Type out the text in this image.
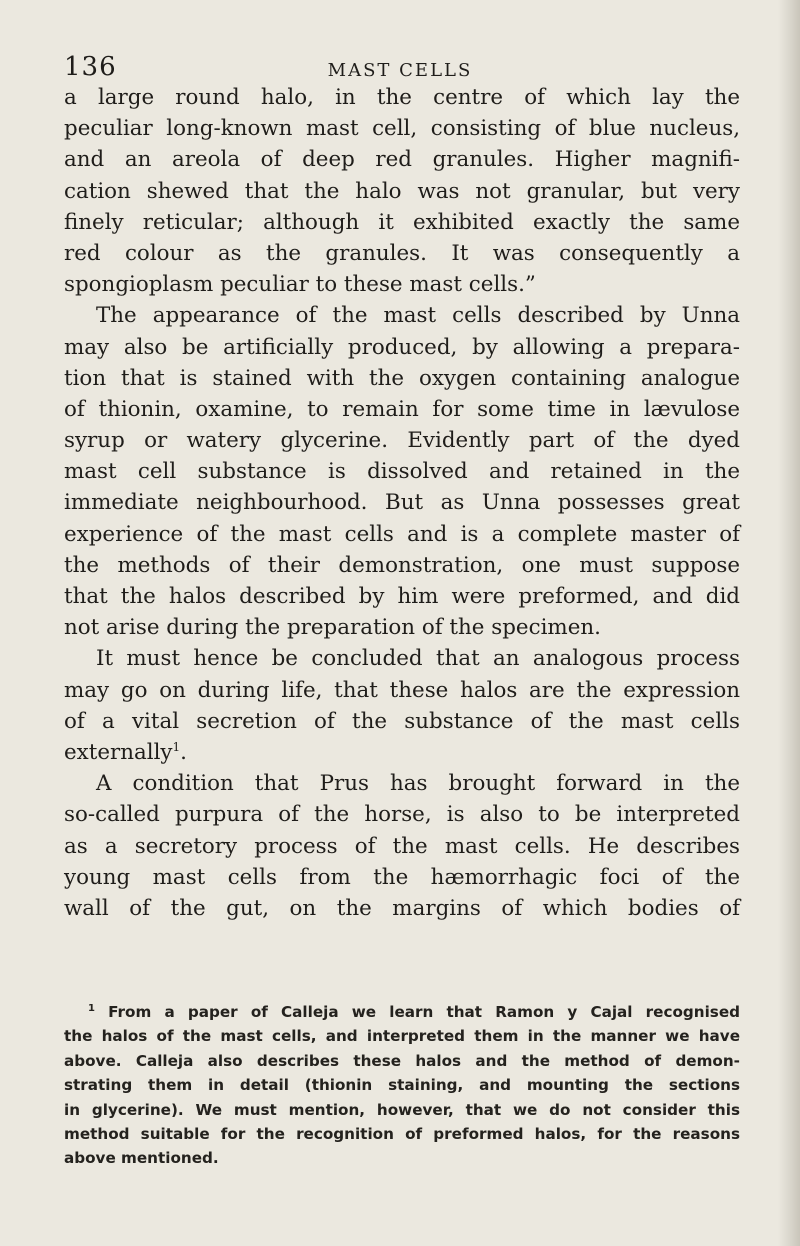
136	MAST CELLS
a large round halo, in the centre of which lay the
peculiar long-known mast cell, consisting of blue nucleus,
and an areola of deep red granules. Higher magnifi-
cation shewed that the halo was not granular, but very
finely reticular; although it exhibited exactly the same
red colour as the granules. It was consequently a
spongioplasm peculiar to these mast cells.”
The appearance of the mast cells described by Unna
may also be artificially produced, by allowing a prepara-
tion that is stained with the oxygen containing analogue
of thionin, oxamine, to remain for some time in lævulose
syrup or watery glycerine. Evidently part of the dyed
mast cell substance is dissolved and retained in the
immediate neighbourhood. But as Unna possesses great
experience of the mast cells and is a complete master of
the methods of their demonstration, one must suppose
that the halos described by him were preformed, and did
not arise during the preparation of the specimen.
It must hence be concluded that an analogous process
may go on during life, that these halos are the expression
of a vital secretion of the substance of the mast cells
externally$^1$.
A condition that Prus has brought forward in the
so-called purpura of the horse, is also to be interpreted
as a secretory process of the mast cells. He describes
young mast cells from the hæmorrhagic foci of the
wall of the gut, on the margins of which bodies of
$^1$ From a paper of Calleja we learn that Ramon y Cajal recognised
the halos of the mast cells, and interpreted them in the manner we have
above. Calleja also describes these halos and the method of demon-
strating them in detail (thionin staining, and mounting the sections
in glycerine). We must mention, however, that we do not consider this
method suitable for the recognition of preformed halos, for the reasons
above mentioned.
